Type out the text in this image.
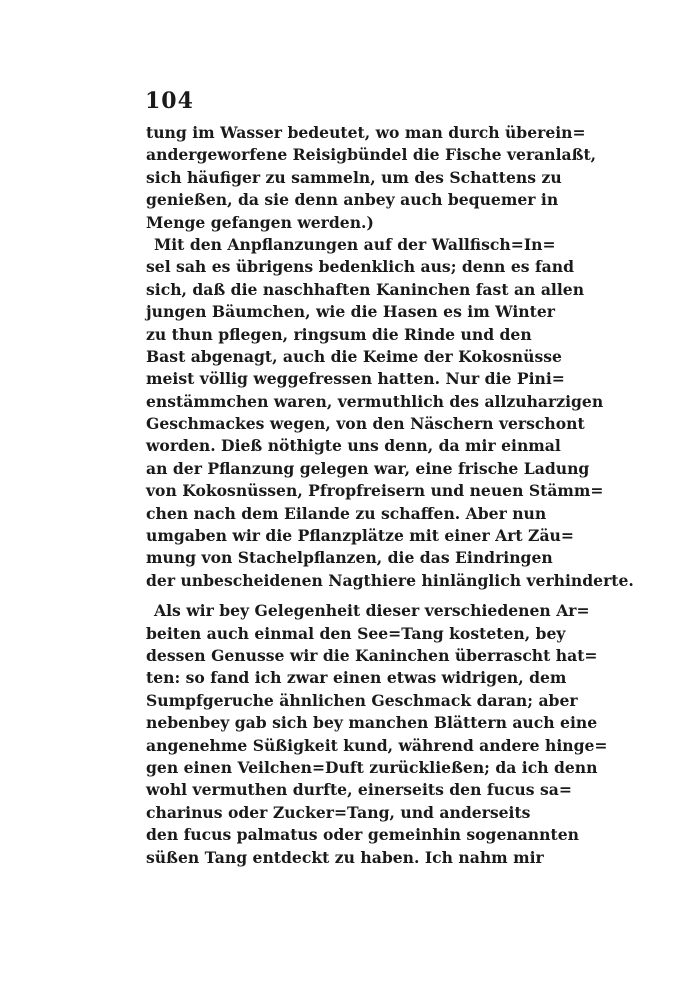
104
tung im Wasser bedeutet, wo man durch überein=
andergeworfene Reisigbündel die Fische veranlaßt,
sich häufiger zu sammeln, um des Schattens zu
genießen, da sie denn anbey auch bequemer in
Menge gefangen werden.)
Mit den Anpflanzungen auf der Wallfisch=In=
sel sah es übrigens bedenklich aus; denn es fand
sich, daß die naschhaften Kaninchen fast an allen
jungen Bäumchen, wie die Hasen es im Winter
zu thun pflegen, ringsum die Rinde und den
Bast abgenagt, auch die Keime der Kokosnüsse
meist völlig weggefressen hatten. Nur die Pini=
enstämmchen waren, vermuthlich des allzuharzigen
Geschmackes wegen, von den Näschern verschont
worden. Dieß nöthigte uns denn, da mir einmal
an der Pflanzung gelegen war, eine frische Ladung
von Kokosnüssen, Pfropfreisern und neuen Stämm=
chen nach dem Eilande zu schaffen. Aber nun
umgaben wir die Pflanzplätze mit einer Art Zäu=
mung von Stachelpflanzen, die das Eindringen
der unbescheidenen Nagthiere hinlänglich verhinderte.
Als wir bey Gelegenheit dieser verschiedenen Ar=
beiten auch einmal den See=Tang kosteten, bey
dessen Genusse wir die Kaninchen überrascht hat=
ten: so fand ich zwar einen etwas widrigen, dem
Sumpfgeruche ähnlichen Geschmack daran; aber
nebenbey gab sich bey manchen Blättern auch eine
angenehme Süßigkeit kund, während andere hinge=
gen einen Veilchen=Duft zurückließen; da ich denn
wohl vermuthen durfte, einerseits den fucus sa=
charinus oder Zucker=Tang, und anderseits
den fucus palmatus oder gemeinhin sogenannten
süßen Tang entdeckt zu haben. Ich nahm mir
